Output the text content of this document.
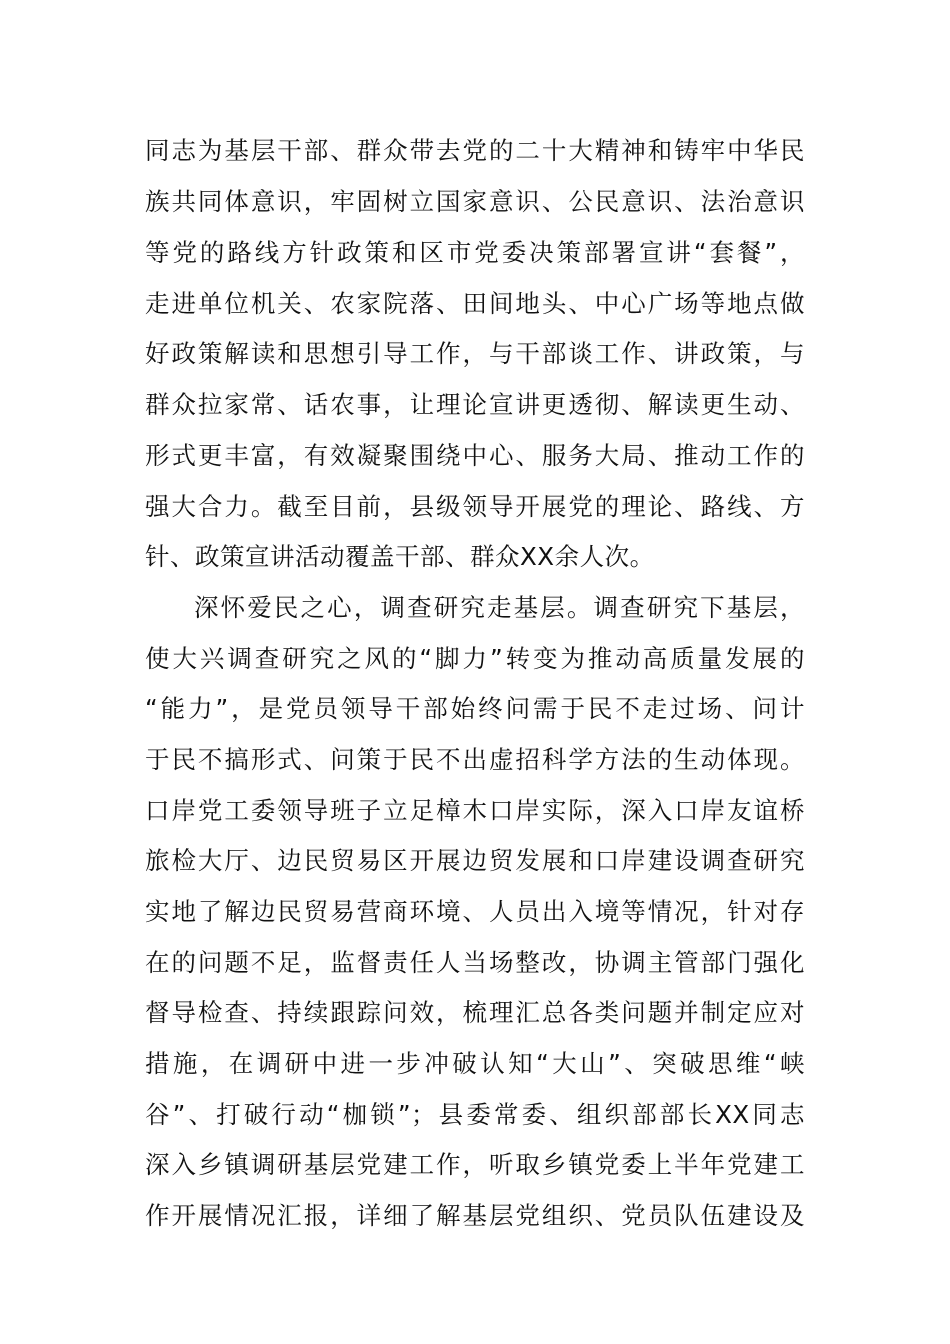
同志为基层干部、群众带去党的二十大精神和铸牢中华民
族共同体意识，牢固树立国家意识、公民意识、法治意识
等党的路线方针政策和区市党委决策部署宣讲“套餐”，
走进单位机关、农家院落、田间地头、中心广场等地点做
好政策解读和思想引导工作，与干部谈工作、讲政策，与
群众拉家常、话农事，让理论宣讲更透彻、解读更生动、
形式更丰富，有效凝聚围绕中心、服务大局、推动工作的
强大合力。截至目前，县级领导开展党的理论、路线、方
针、政策宣讲活动覆盖干部、群众XX余人次。
深怀爱民之心，调查研究走基层。调查研究下基层，
使大兴调查研究之风的“脚力”转变为推动高质量发展的
“能力”，是党员领导干部始终问需于民不走过场、问计
于民不搞形式、问策于民不出虚招科学方法的生动体现。
口岸党工委领导班子立足樟木口岸实际，深入口岸友谊桥
旅检大厅、边民贸易区开展边贸发展和口岸建设调查研究
实地了解边民贸易营商环境、人员出入境等情况，针对存
在的问题不足，监督责任人当场整改，协调主管部门强化
督导检查、持续跟踪问效，梳理汇总各类问题并制定应对
措施，在调研中进一步冲破认知“大山”、突破思维“峡
谷”、打破行动“枷锁”；县委常委、组织部部长XX同志
深入乡镇调研基层党建工作，听取乡镇党委上半年党建工
作开展情况汇报，详细了解基层党组织、党员队伍建设及
